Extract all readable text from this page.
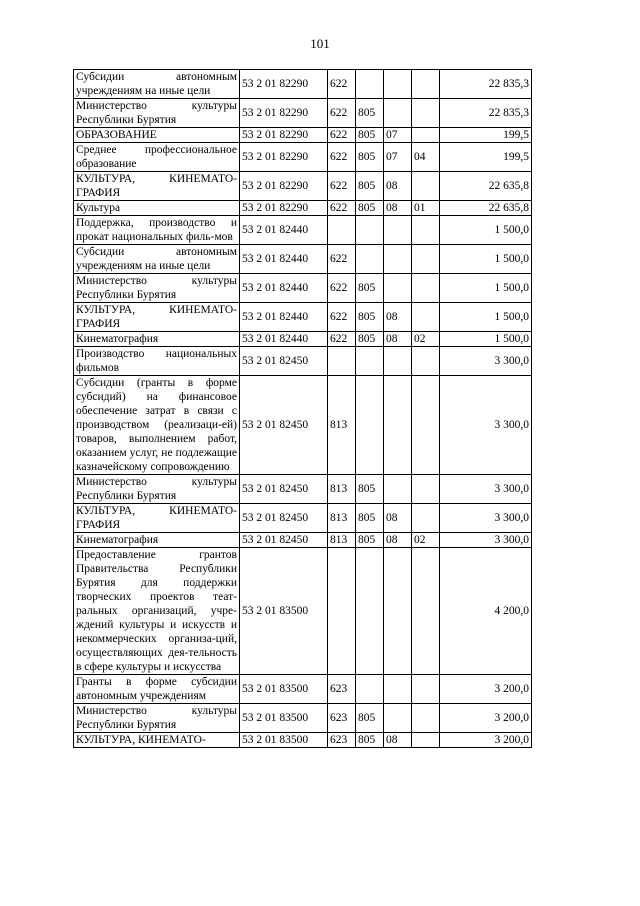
101
Субсидии автономным учреждениям на иные цели	53 2 01 82290	622				22 835,3
Министерство культуры Республики Бурятия	53 2 01 82290	622	805			22 835,3
ОБРАЗОВАНИЕ	53 2 01 82290	622	805	07		199,5
Среднее профессиональное образование	53 2 01 82290	622	805	07	04	199,5
КУЛЬТУРА, КИНЕМАТО-ГРАФИЯ	53 2 01 82290	622	805	08		22 635,8
Культура	53 2 01 82290	622	805	08	01	22 635,8
Поддержка, производство и прокат национальных филь-мов	53 2 01 82440					1 500,0
Субсидии автономным учреждениям на иные цели	53 2 01 82440	622				1 500,0
Министерство культуры Республики Бурятия	53 2 01 82440	622	805			1 500,0
КУЛЬТУРА, КИНЕМАТО-ГРАФИЯ	53 2 01 82440	622	805	08		1 500,0
Кинематография	53 2 01 82440	622	805	08	02	1 500,0
Производство национальных фильмов	53 2 01 82450					3 300,0
Субсидии (гранты в форме субсидий) на финансовое обеспечение затрат в связи с производством (реализаци-ей) товаров, выполнением работ, оказанием услуг, не подлежащие казначейскому сопровождению	53 2 01 82450	813				3 300,0
Министерство культуры Республики Бурятия	53 2 01 82450	813	805			3 300,0
КУЛЬТУРА, КИНЕМАТО-ГРАФИЯ	53 2 01 82450	813	805	08		3 300,0
Кинематография	53 2 01 82450	813	805	08	02	3 300,0
Предоставление грантов Правительства Республики Бурятия для поддержки творческих проектов теат-ральных организаций, учре-ждений культуры и искусств и некоммерческих организа-ций, осуществляющих дея-тельность в сфере культуры и искусства	53 2 01 83500					4 200,0
Гранты в форме субсидии автономным учреждениям	53 2 01 83500	623				3 200,0
Министерство культуры Республики Бурятия	53 2 01 83500	623	805			3 200,0
КУЛЬТУРА, КИНЕМАТО-	53 2 01 83500	623	805	08		3 200,0
